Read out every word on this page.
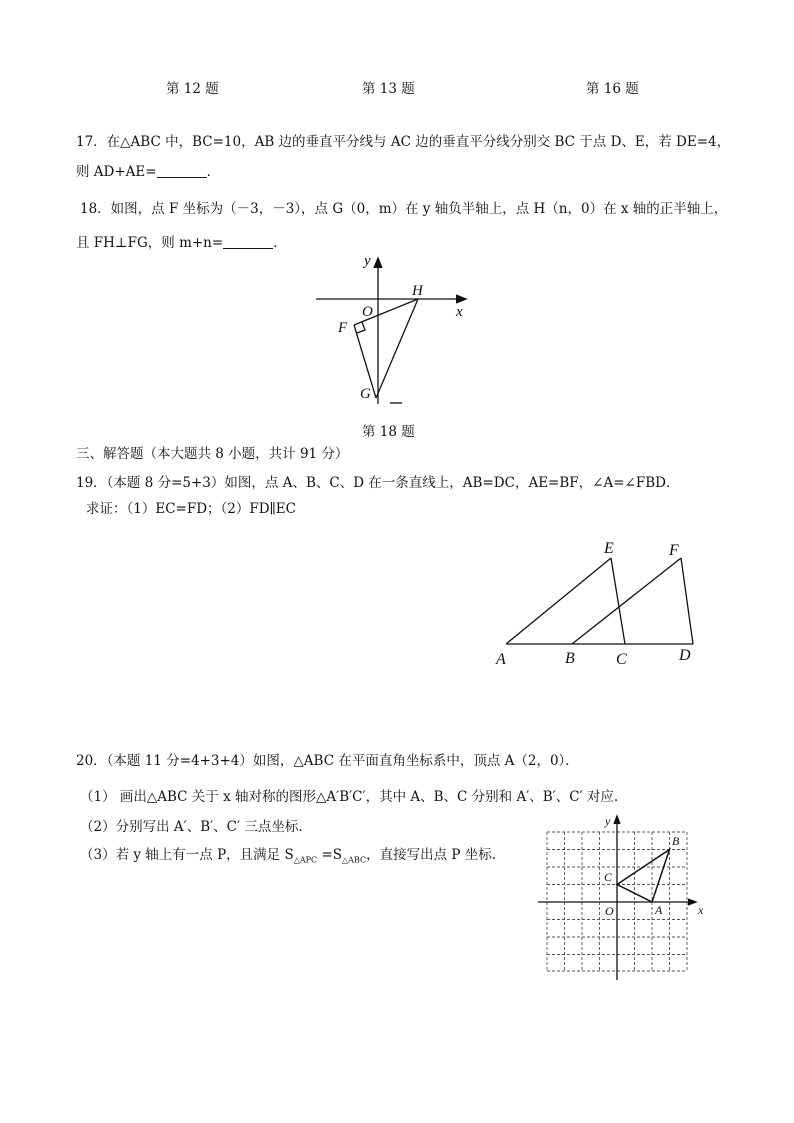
第 12 题	第 13 题	第 16 题
17．在△ABC 中，BC=10，AB 边的垂直平分线与 AC 边的垂直平分线分别交 BC 于点 D、E，若 DE=4，
则 AD+AE=	．
18．如图，点 F 坐标为（－3，－3），点 G（0，m）在 y 轴负半轴上，点 H（n，0）在 x 轴的正半轴上，
且 FH⊥FG，则 m+n=	．
y
x
O
H
F
G
第 18 题
三、解答题（本大题共 8 小题，共计 91 分）
19．（本题 8 分=5+3）如图，点 A、B、C、D 在一条直线上，AB=DC，AE=BF，∠A=∠FBD．
求证：（1）EC=FD；（2）FD∥EC
A	B	C	D
E	F
20．（本题 11 分=4+3+4）如图，△ABC 在平面直角坐标系中，顶点 A（2，0）．
（1） 画出△ABC 关于 x 轴对称的图形△A′B′C′，其中 A、B、C 分别和 A′、B′、C′ 对应.
（2）分别写出 A′、B′、C′ 三点坐标.
（3）若 y 轴上有一点 P，且满足 $S_{\triangle APC} =S_{\triangle ABC}$，直接写出点 P 坐标.
y
x
O	A
B
C
